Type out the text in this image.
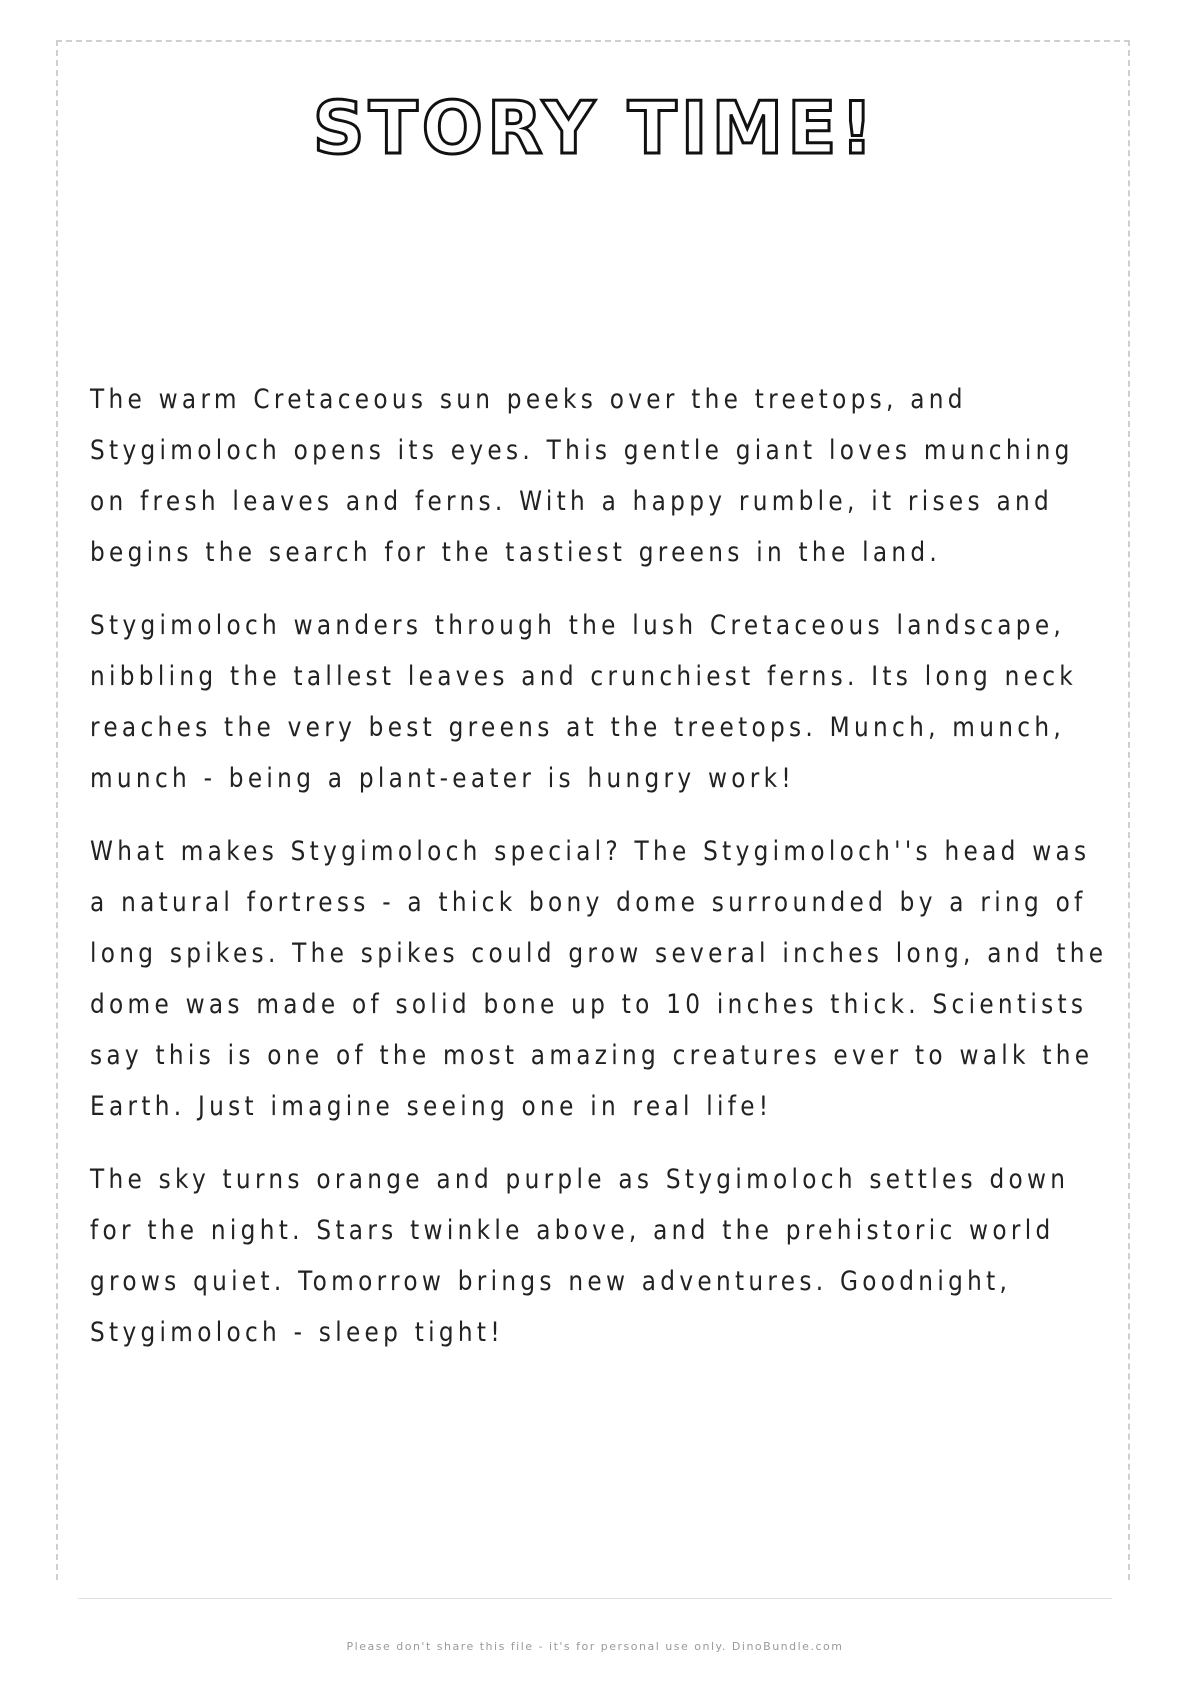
STORY TIME!

The warm Cretaceous sun peeks over the treetops, and Stygimoloch opens its eyes. This gentle giant loves munching on fresh leaves and ferns. With a happy rumble, it rises and begins the search for the tastiest greens in the land.

Stygimoloch wanders through the lush Cretaceous landscape, nibbling the tallest leaves and crunchiest ferns. Its long neck reaches the very best greens at the treetops. Munch, munch, munch - being a plant-eater is hungry work!

What makes Stygimoloch special? The Stygimoloch''s head was a natural fortress - a thick bony dome surrounded by a ring of long spikes. The spikes could grow several inches long, and the dome was made of solid bone up to 10 inches thick. Scientists say this is one of the most amazing creatures ever to walk the Earth. Just imagine seeing one in real life!

The sky turns orange and purple as Stygimoloch settles down for the night. Stars twinkle above, and the prehistoric world grows quiet. Tomorrow brings new adventures. Goodnight, Stygimoloch - sleep tight!

Please don't share this file - it's for personal use only. DinoBundle.com
